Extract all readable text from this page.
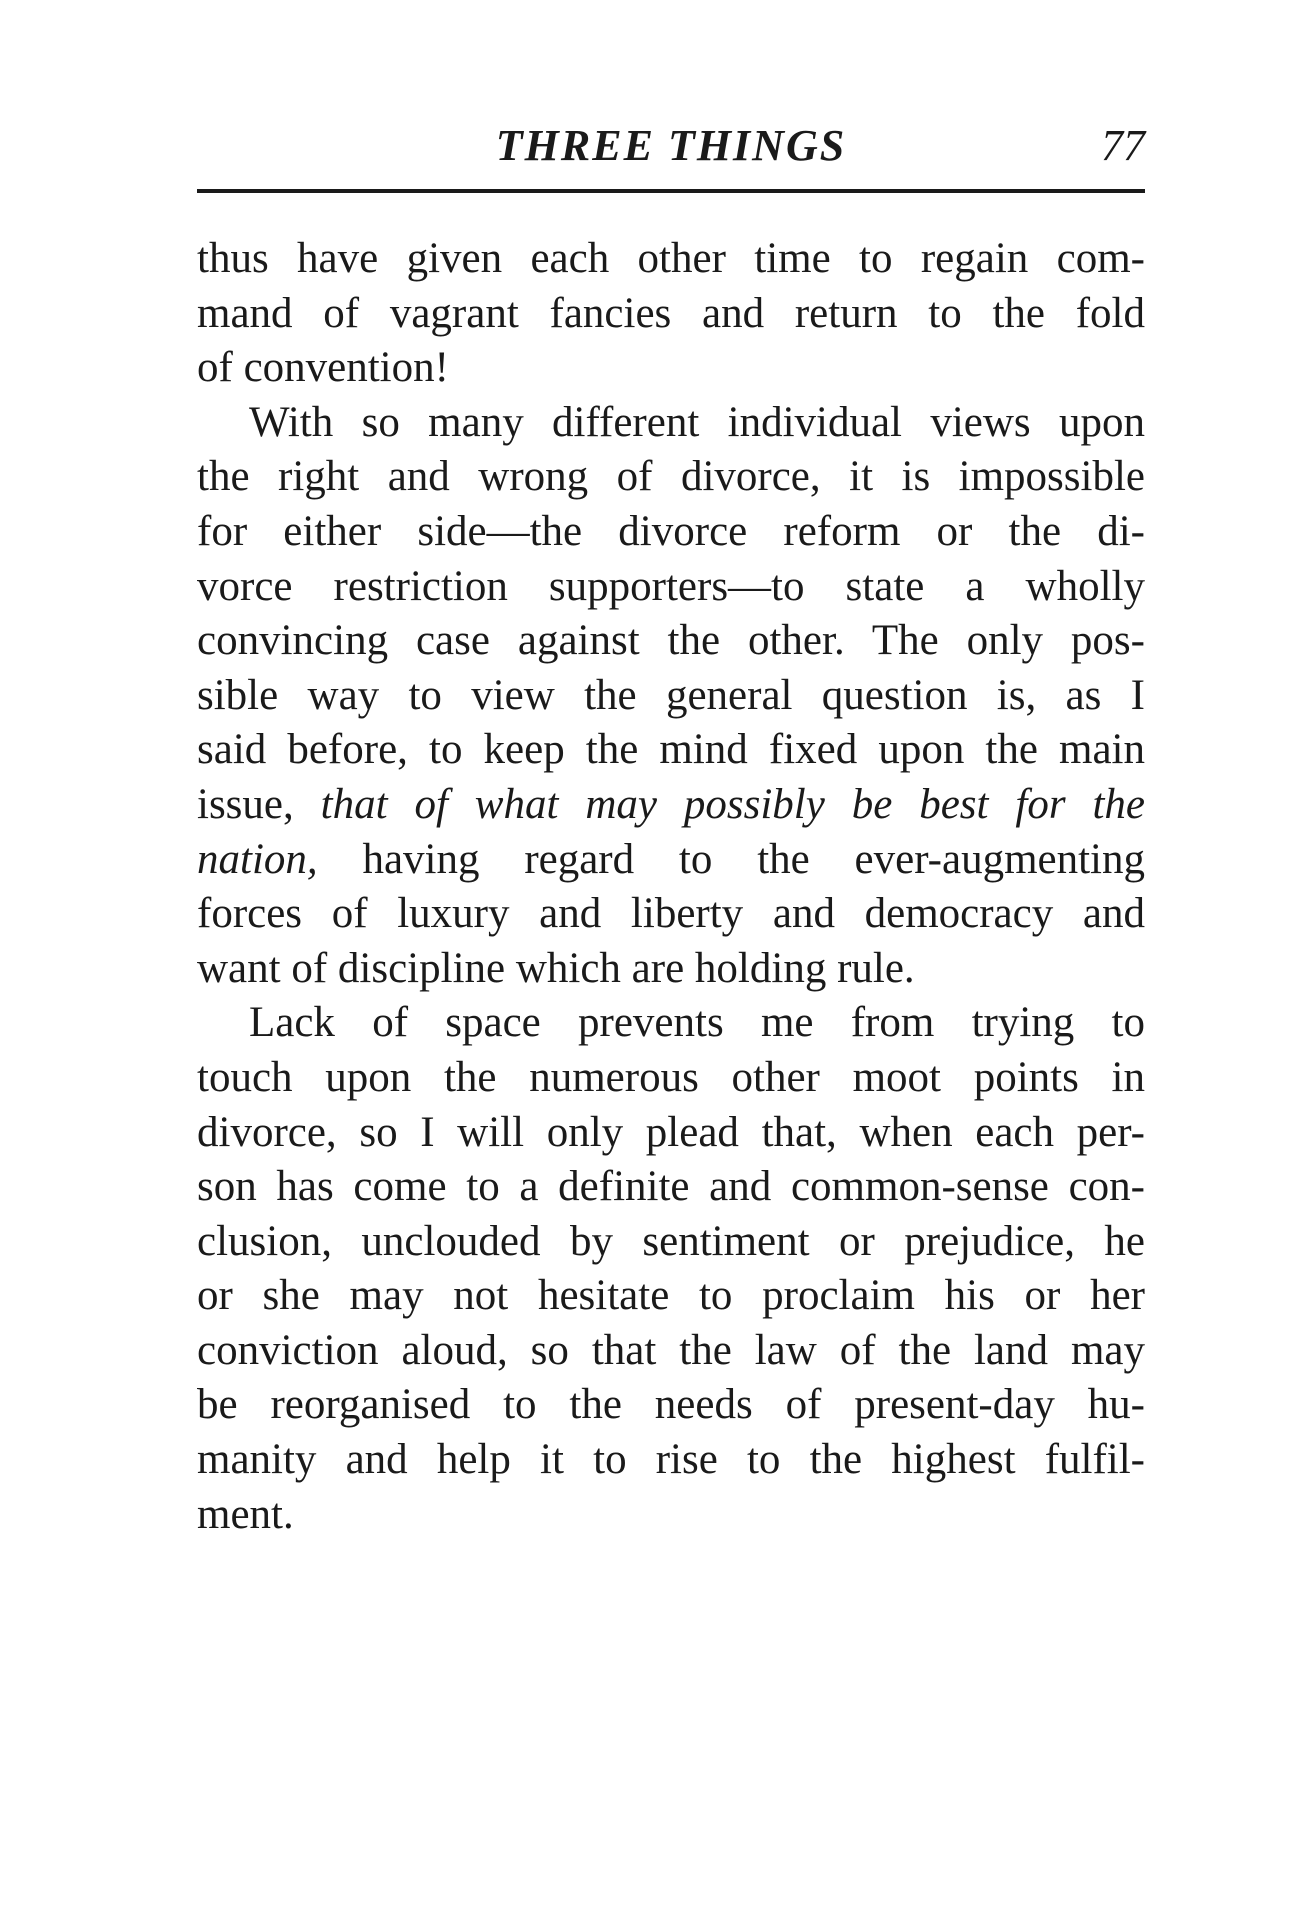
THREE THINGS	77
thus have given each other time to regain com-
mand of vagrant fancies and return to the fold
of convention!
With so many different individual views upon
the right and wrong of divorce, it is impossible
for either side—the divorce reform or the di-
vorce restriction supporters—to state a wholly
convincing case against the other. The only pos-
sible way to view the general question is, as I
said before, to keep the mind fixed upon the main
issue, that of what may possibly be best for the
nation, having regard to the ever-augmenting
forces of luxury and liberty and democracy and
want of discipline which are holding rule.
Lack of space prevents me from trying to
touch upon the numerous other moot points in
divorce, so I will only plead that, when each per-
son has come to a definite and common-sense con-
clusion, unclouded by sentiment or prejudice, he
or she may not hesitate to proclaim his or her
conviction aloud, so that the law of the land may
be reorganised to the needs of present-day hu-
manity and help it to rise to the highest fulfil-
ment.
